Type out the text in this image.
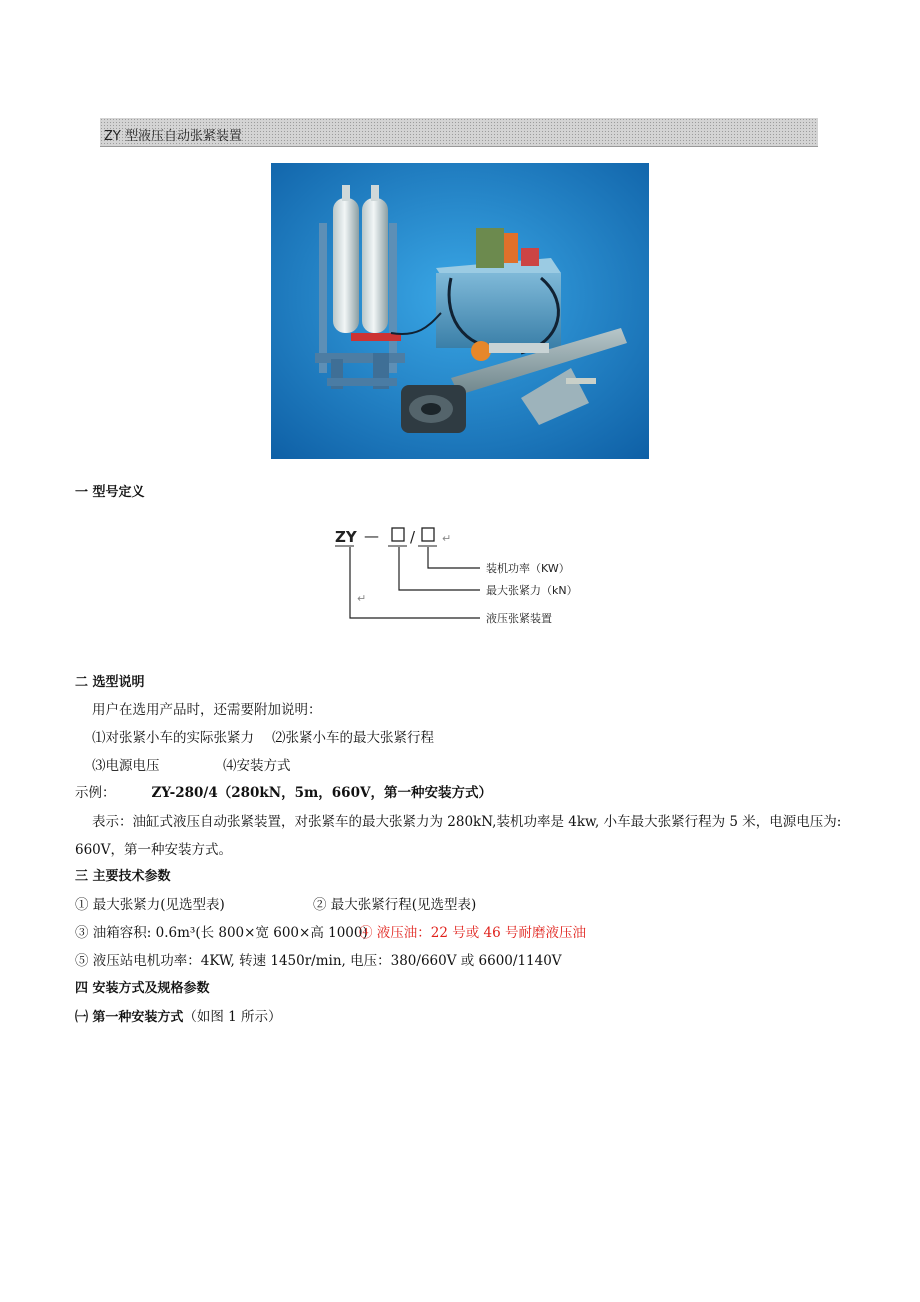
ZY 型液压自动张紧装置
一 型号定义
ZY — / ↵
↵
装机功率（KW）
最大张紧力（kN）
液压张紧装置
二 选型说明
用户在选用产品时，还需要附加说明：
⑴对张紧小车的实际张紧力 ⑵张紧小车的最大张紧行程
⑶电源电压	⑷安装方式
示例：	ZY-280/4（280kN，5m，660V，第一种安装方式）
表示：油缸式液压自动张紧装置，对张紧车的最大张紧力为 280kN,装机功率是 4kw, 小车最大张紧行程为 5 米，电源电压为:
660V，第一种安装方式。
三 主要技术参数
① 最大张紧力(见选型表)	② 最大张紧行程(见选型表)
③ 油箱容积: 0.6m³(长 800×宽 600×高 1000)
④ 液压油：22 号或 46 号耐磨液压油
⑤ 液压站电机功率：4KW, 转速 1450r/min, 电压：380/660V 或 6600/1140V
四 安装方式及规格参数
㈠ 第一种安装方式（如图 1 所示）
